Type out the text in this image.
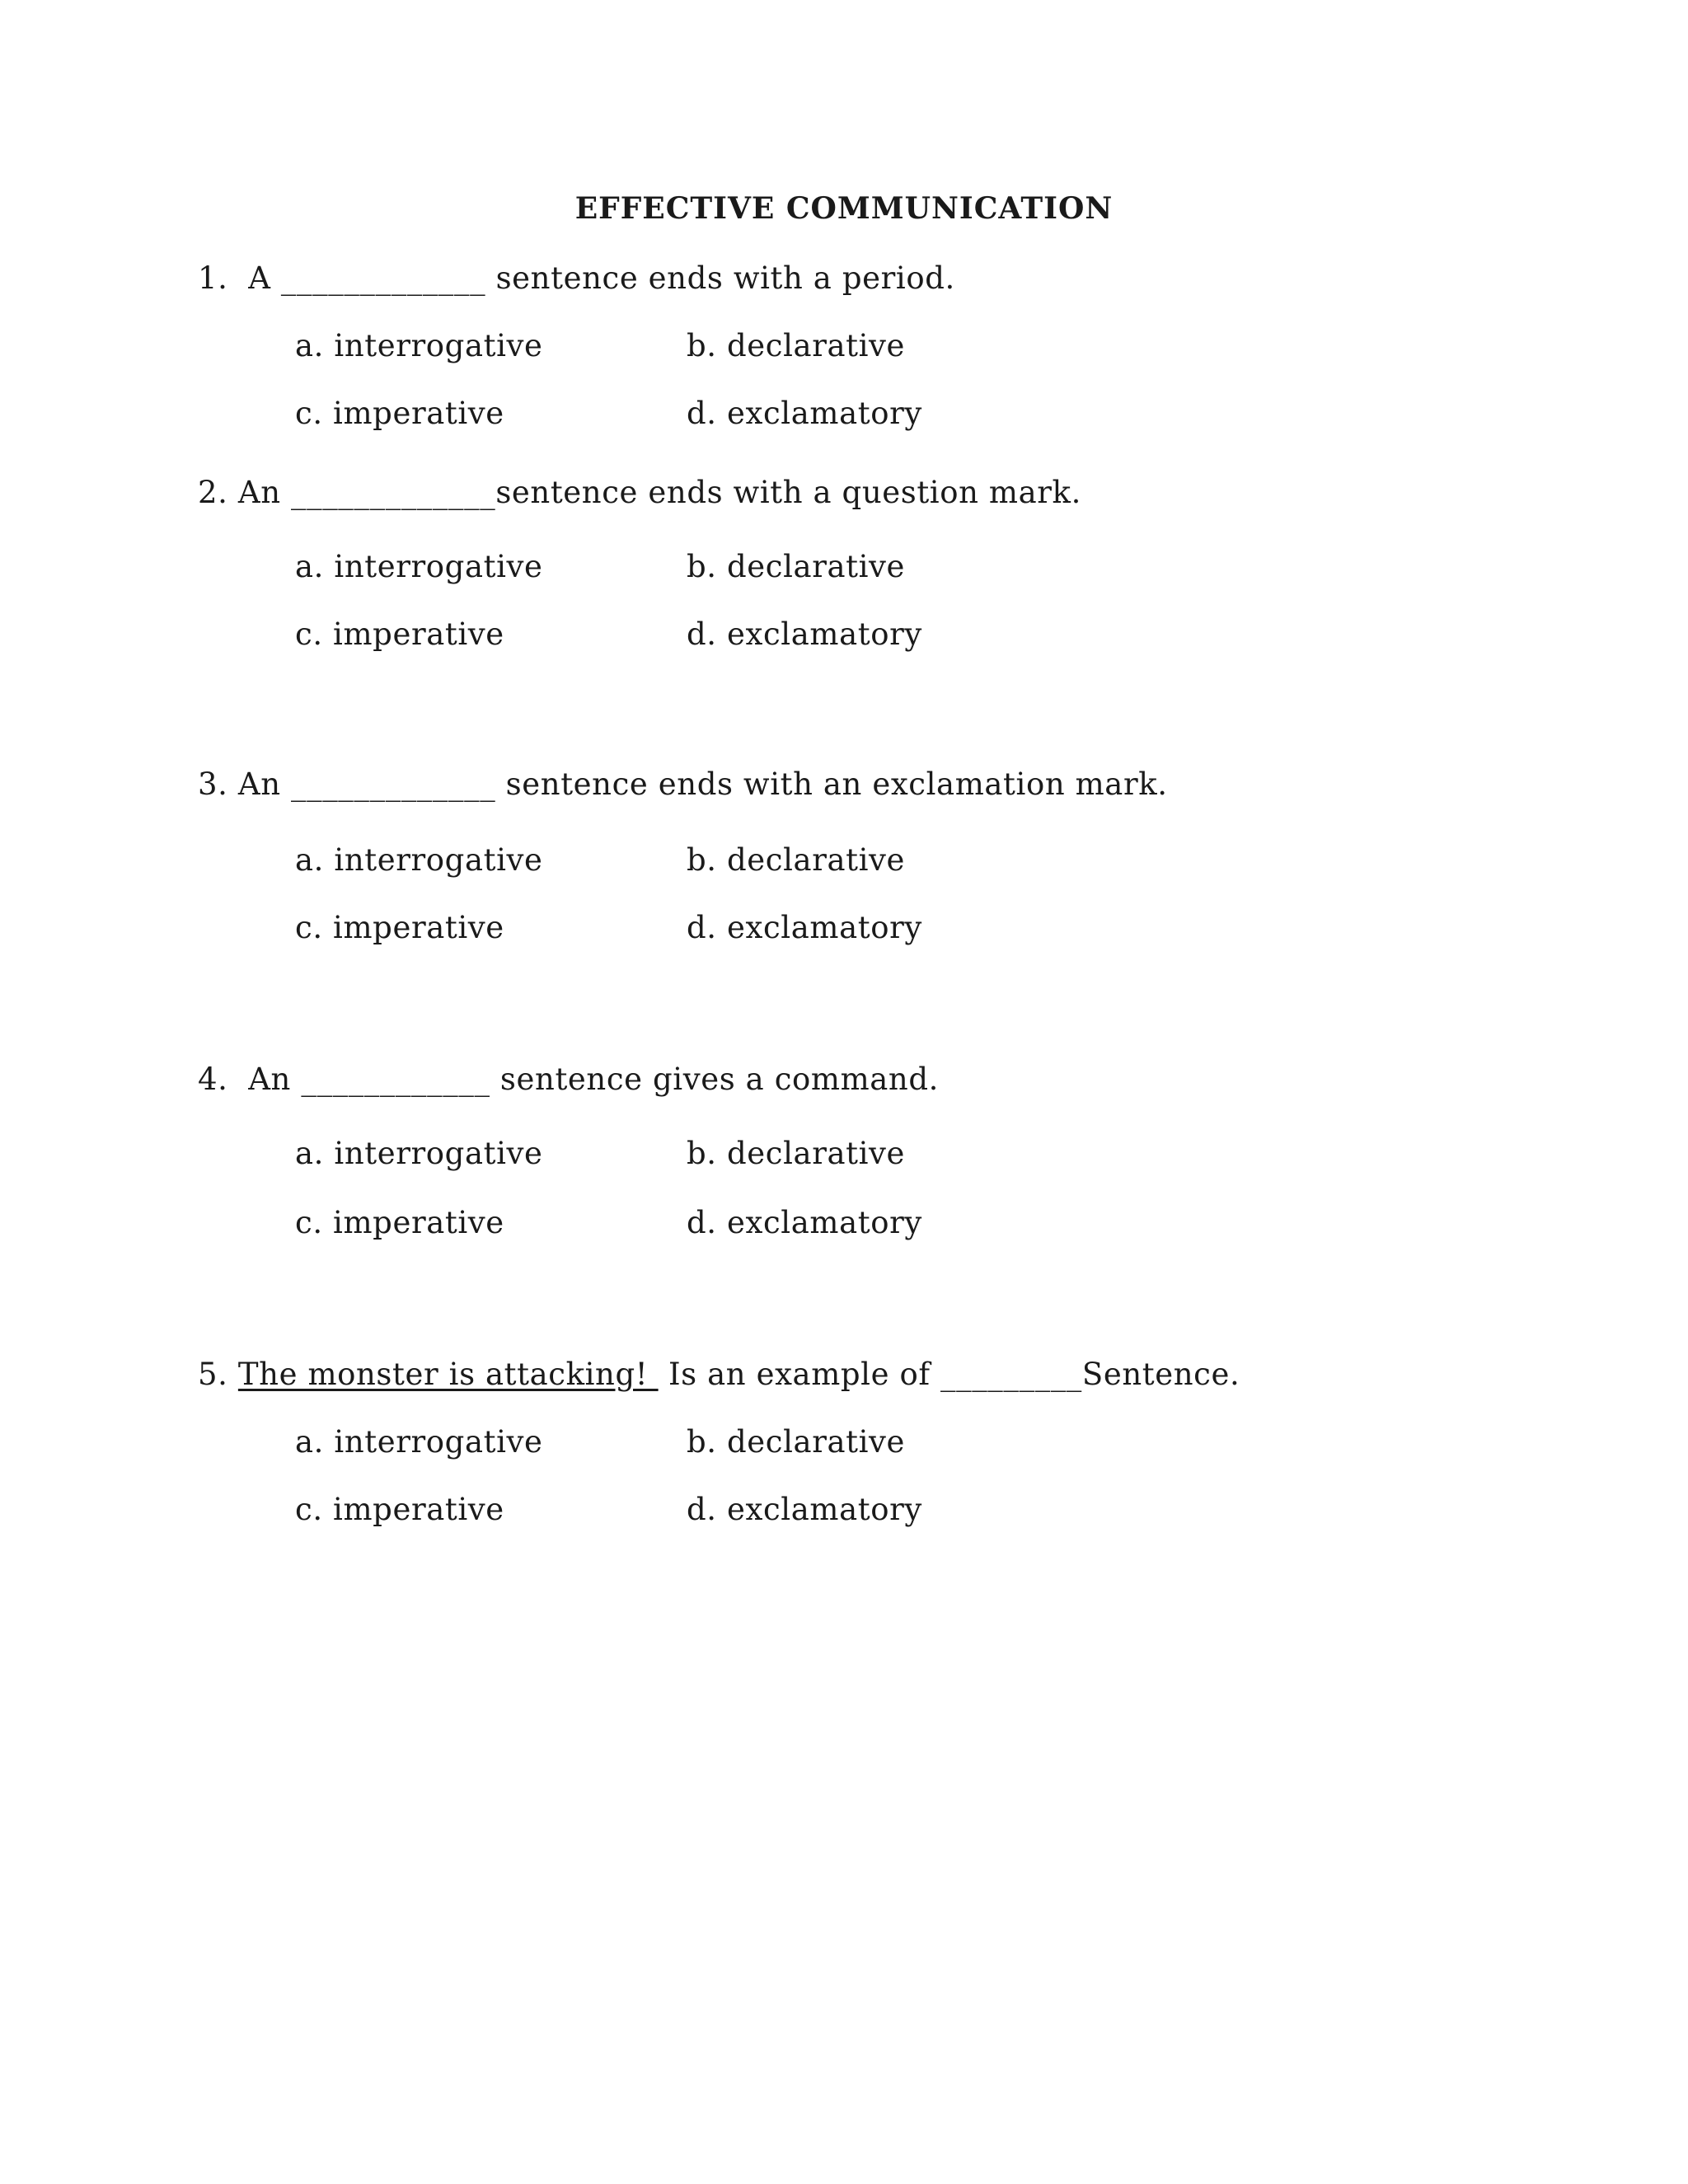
EFFECTIVE COMMUNICATION
1.  A _____________ sentence ends with a period.
a. interrogative	b. declarative
c. imperative	d. exclamatory
2. An _____________sentence ends with a question mark.
a. interrogative	b. declarative
c. imperative	d. exclamatory
3. An _____________ sentence ends with an exclamation mark.
a. interrogative	b. declarative
c. imperative	d. exclamatory
4.  An ____________ sentence gives a command.
a. interrogative	b. declarative
c. imperative	d. exclamatory
5. The monster is attacking!  Is an example of _________Sentence.
a. interrogative	b. declarative
c. imperative	d. exclamatory
